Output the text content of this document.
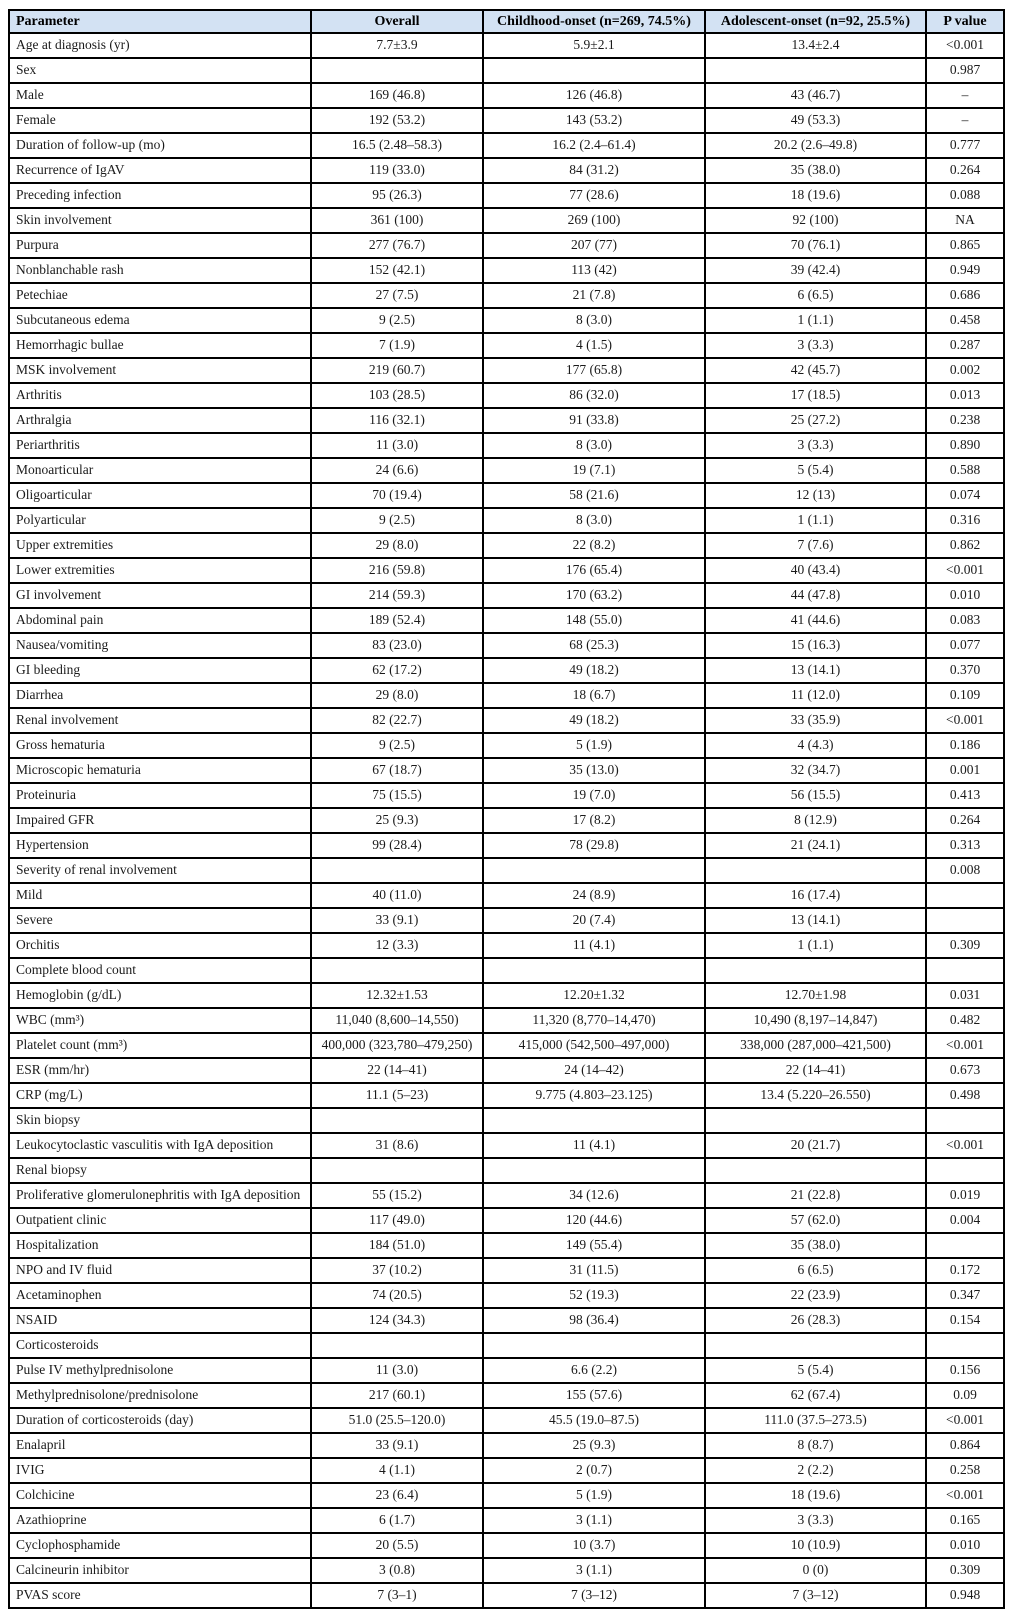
Parameter	Overall	Childhood-onset (n=269, 74.5%)	Adolescent-onset (n=92, 25.5%)	P value
Age at diagnosis (yr)	7.7±3.9	5.9±2.1	13.4±2.4	<0.001
Sex				0.987
Male	169 (46.8)	126 (46.8)	43 (46.7)	–
Female	192 (53.2)	143 (53.2)	49 (53.3)	–
Duration of follow-up (mo)	16.5 (2.48–58.3)	16.2 (2.4–61.4)	20.2 (2.6–49.8)	0.777
Recurrence of IgAV	119 (33.0)	84 (31.2)	35 (38.0)	0.264
Preceding infection	95 (26.3)	77 (28.6)	18 (19.6)	0.088
Skin involvement	361 (100)	269 (100)	92 (100)	NA
Purpura	277 (76.7)	207 (77)	70 (76.1)	0.865
Nonblanchable rash	152 (42.1)	113 (42)	39 (42.4)	0.949
Petechiae	27 (7.5)	21 (7.8)	6 (6.5)	0.686
Subcutaneous edema	9 (2.5)	8 (3.0)	1 (1.1)	0.458
Hemorrhagic bullae	7 (1.9)	4 (1.5)	3 (3.3)	0.287
MSK involvement	219 (60.7)	177 (65.8)	42 (45.7)	0.002
Arthritis	103 (28.5)	86 (32.0)	17 (18.5)	0.013
Arthralgia	116 (32.1)	91 (33.8)	25 (27.2)	0.238
Periarthritis	11 (3.0)	8 (3.0)	3 (3.3)	0.890
Monoarticular	24 (6.6)	19 (7.1)	5 (5.4)	0.588
Oligoarticular	70 (19.4)	58 (21.6)	12 (13)	0.074
Polyarticular	9 (2.5)	8 (3.0)	1 (1.1)	0.316
Upper extremities	29 (8.0)	22 (8.2)	7 (7.6)	0.862
Lower extremities	216 (59.8)	176 (65.4)	40 (43.4)	<0.001
GI involvement	214 (59.3)	170 (63.2)	44 (47.8)	0.010
Abdominal pain	189 (52.4)	148 (55.0)	41 (44.6)	0.083
Nausea/vomiting	83 (23.0)	68 (25.3)	15 (16.3)	0.077
GI bleeding	62 (17.2)	49 (18.2)	13 (14.1)	0.370
Diarrhea	29 (8.0)	18 (6.7)	11 (12.0)	0.109
Renal involvement	82 (22.7)	49 (18.2)	33 (35.9)	<0.001
Gross hematuria	9 (2.5)	5 (1.9)	4 (4.3)	0.186
Microscopic hematuria	67 (18.7)	35 (13.0)	32 (34.7)	0.001
Proteinuria	75 (15.5)	19 (7.0)	56 (15.5)	0.413
Impaired GFR	25 (9.3)	17 (8.2)	8 (12.9)	0.264
Hypertension	99 (28.4)	78 (29.8)	21 (24.1)	0.313
Severity of renal involvement				0.008
Mild	40 (11.0)	24 (8.9)	16 (17.4)	
Severe	33 (9.1)	20 (7.4)	13 (14.1)	
Orchitis	12 (3.3)	11 (4.1)	1 (1.1)	0.309
Complete blood count				
Hemoglobin (g/dL)	12.32±1.53	12.20±1.32	12.70±1.98	0.031
WBC (mm³)	11,040 (8,600–14,550)	11,320 (8,770–14,470)	10,490 (8,197–14,847)	0.482
Platelet count (mm³)	400,000 (323,780–479,250)	415,000 (542,500–497,000)	338,000 (287,000–421,500)	<0.001
ESR (mm/hr)	22 (14–41)	24 (14–42)	22 (14–41)	0.673
CRP (mg/L)	11.1 (5–23)	9.775 (4.803–23.125)	13.4 (5.220–26.550)	0.498
Skin biopsy				
Leukocytoclastic vasculitis with IgA deposition	31 (8.6)	11 (4.1)	20 (21.7)	<0.001
Renal biopsy				
Proliferative glomerulonephritis with IgA deposition	55 (15.2)	34 (12.6)	21 (22.8)	0.019
Outpatient clinic	117 (49.0)	120 (44.6)	57 (62.0)	0.004
Hospitalization	184 (51.0)	149 (55.4)	35 (38.0)	
NPO and IV fluid	37 (10.2)	31 (11.5)	6 (6.5)	0.172
Acetaminophen	74 (20.5)	52 (19.3)	22 (23.9)	0.347
NSAID	124 (34.3)	98 (36.4)	26 (28.3)	0.154
Corticosteroids				
Pulse IV methylprednisolone	11 (3.0)	6.6 (2.2)	5 (5.4)	0.156
Methylprednisolone/prednisolone	217 (60.1)	155 (57.6)	62 (67.4)	0.09
Duration of corticosteroids (day)	51.0 (25.5–120.0)	45.5 (19.0–87.5)	111.0 (37.5–273.5)	<0.001
Enalapril	33 (9.1)	25 (9.3)	8 (8.7)	0.864
IVIG	4 (1.1)	2 (0.7)	2 (2.2)	0.258
Colchicine	23 (6.4)	5 (1.9)	18 (19.6)	<0.001
Azathioprine	6 (1.7)	3 (1.1)	3 (3.3)	0.165
Cyclophosphamide	20 (5.5)	10 (3.7)	10 (10.9)	0.010
Calcineurin inhibitor	3 (0.8)	3 (1.1)	0 (0)	0.309
PVAS score	7 (3–1)	7 (3–12)	7 (3–12)	0.948
